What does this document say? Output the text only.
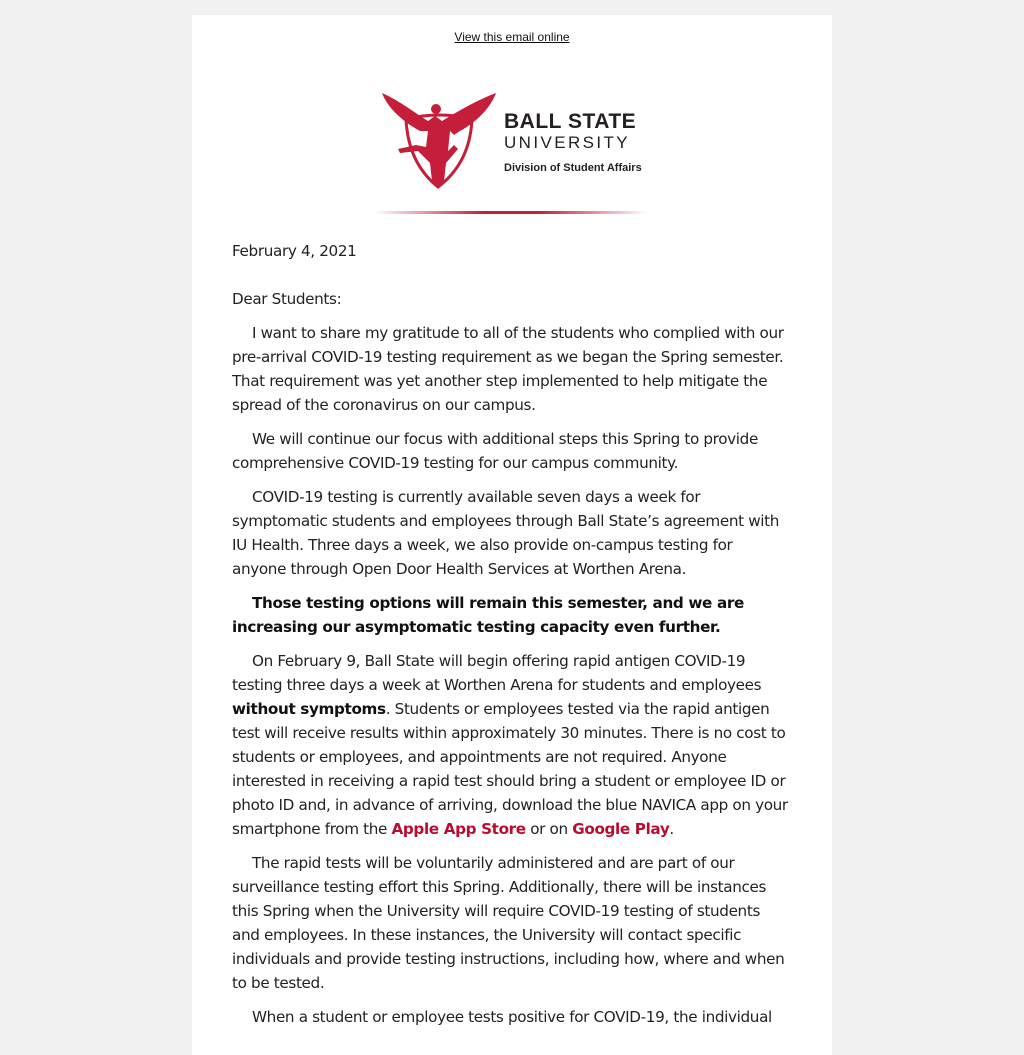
View this email online
BALL STATE
UNIVERSITY
Division of Student Affairs

February 4, 2021

Dear Students:

I want to share my gratitude to all of the students who complied with our pre-arrival COVID-19 testing requirement as we began the Spring semester. That requirement was yet another step implemented to help mitigate the spread of the coronavirus on our campus.

We will continue our focus with additional steps this Spring to provide comprehensive COVID-19 testing for our campus community.

COVID-19 testing is currently available seven days a week for symptomatic students and employees through Ball State’s agreement with IU Health. Three days a week, we also provide on-campus testing for anyone through Open Door Health Services at Worthen Arena.

Those testing options will remain this semester, and we are increasing our asymptomatic testing capacity even further.

On February 9, Ball State will begin offering rapid antigen COVID-19 testing three days a week at Worthen Arena for students and employees without symptoms. Students or employees tested via the rapid antigen test will receive results within approximately 30 minutes. There is no cost to students or employees, and appointments are not required. Anyone interested in receiving a rapid test should bring a student or employee ID or photo ID and, in advance of arriving, download the blue NAVICA app on your smartphone from the Apple App Store or on Google Play.

The rapid tests will be voluntarily administered and are part of our surveillance testing effort this Spring. Additionally, there will be instances this Spring when the University will require COVID-19 testing of students and employees. In these instances, the University will contact specific individuals and provide testing instructions, including how, where and when to be tested.

When a student or employee tests positive for COVID-19, the individual
